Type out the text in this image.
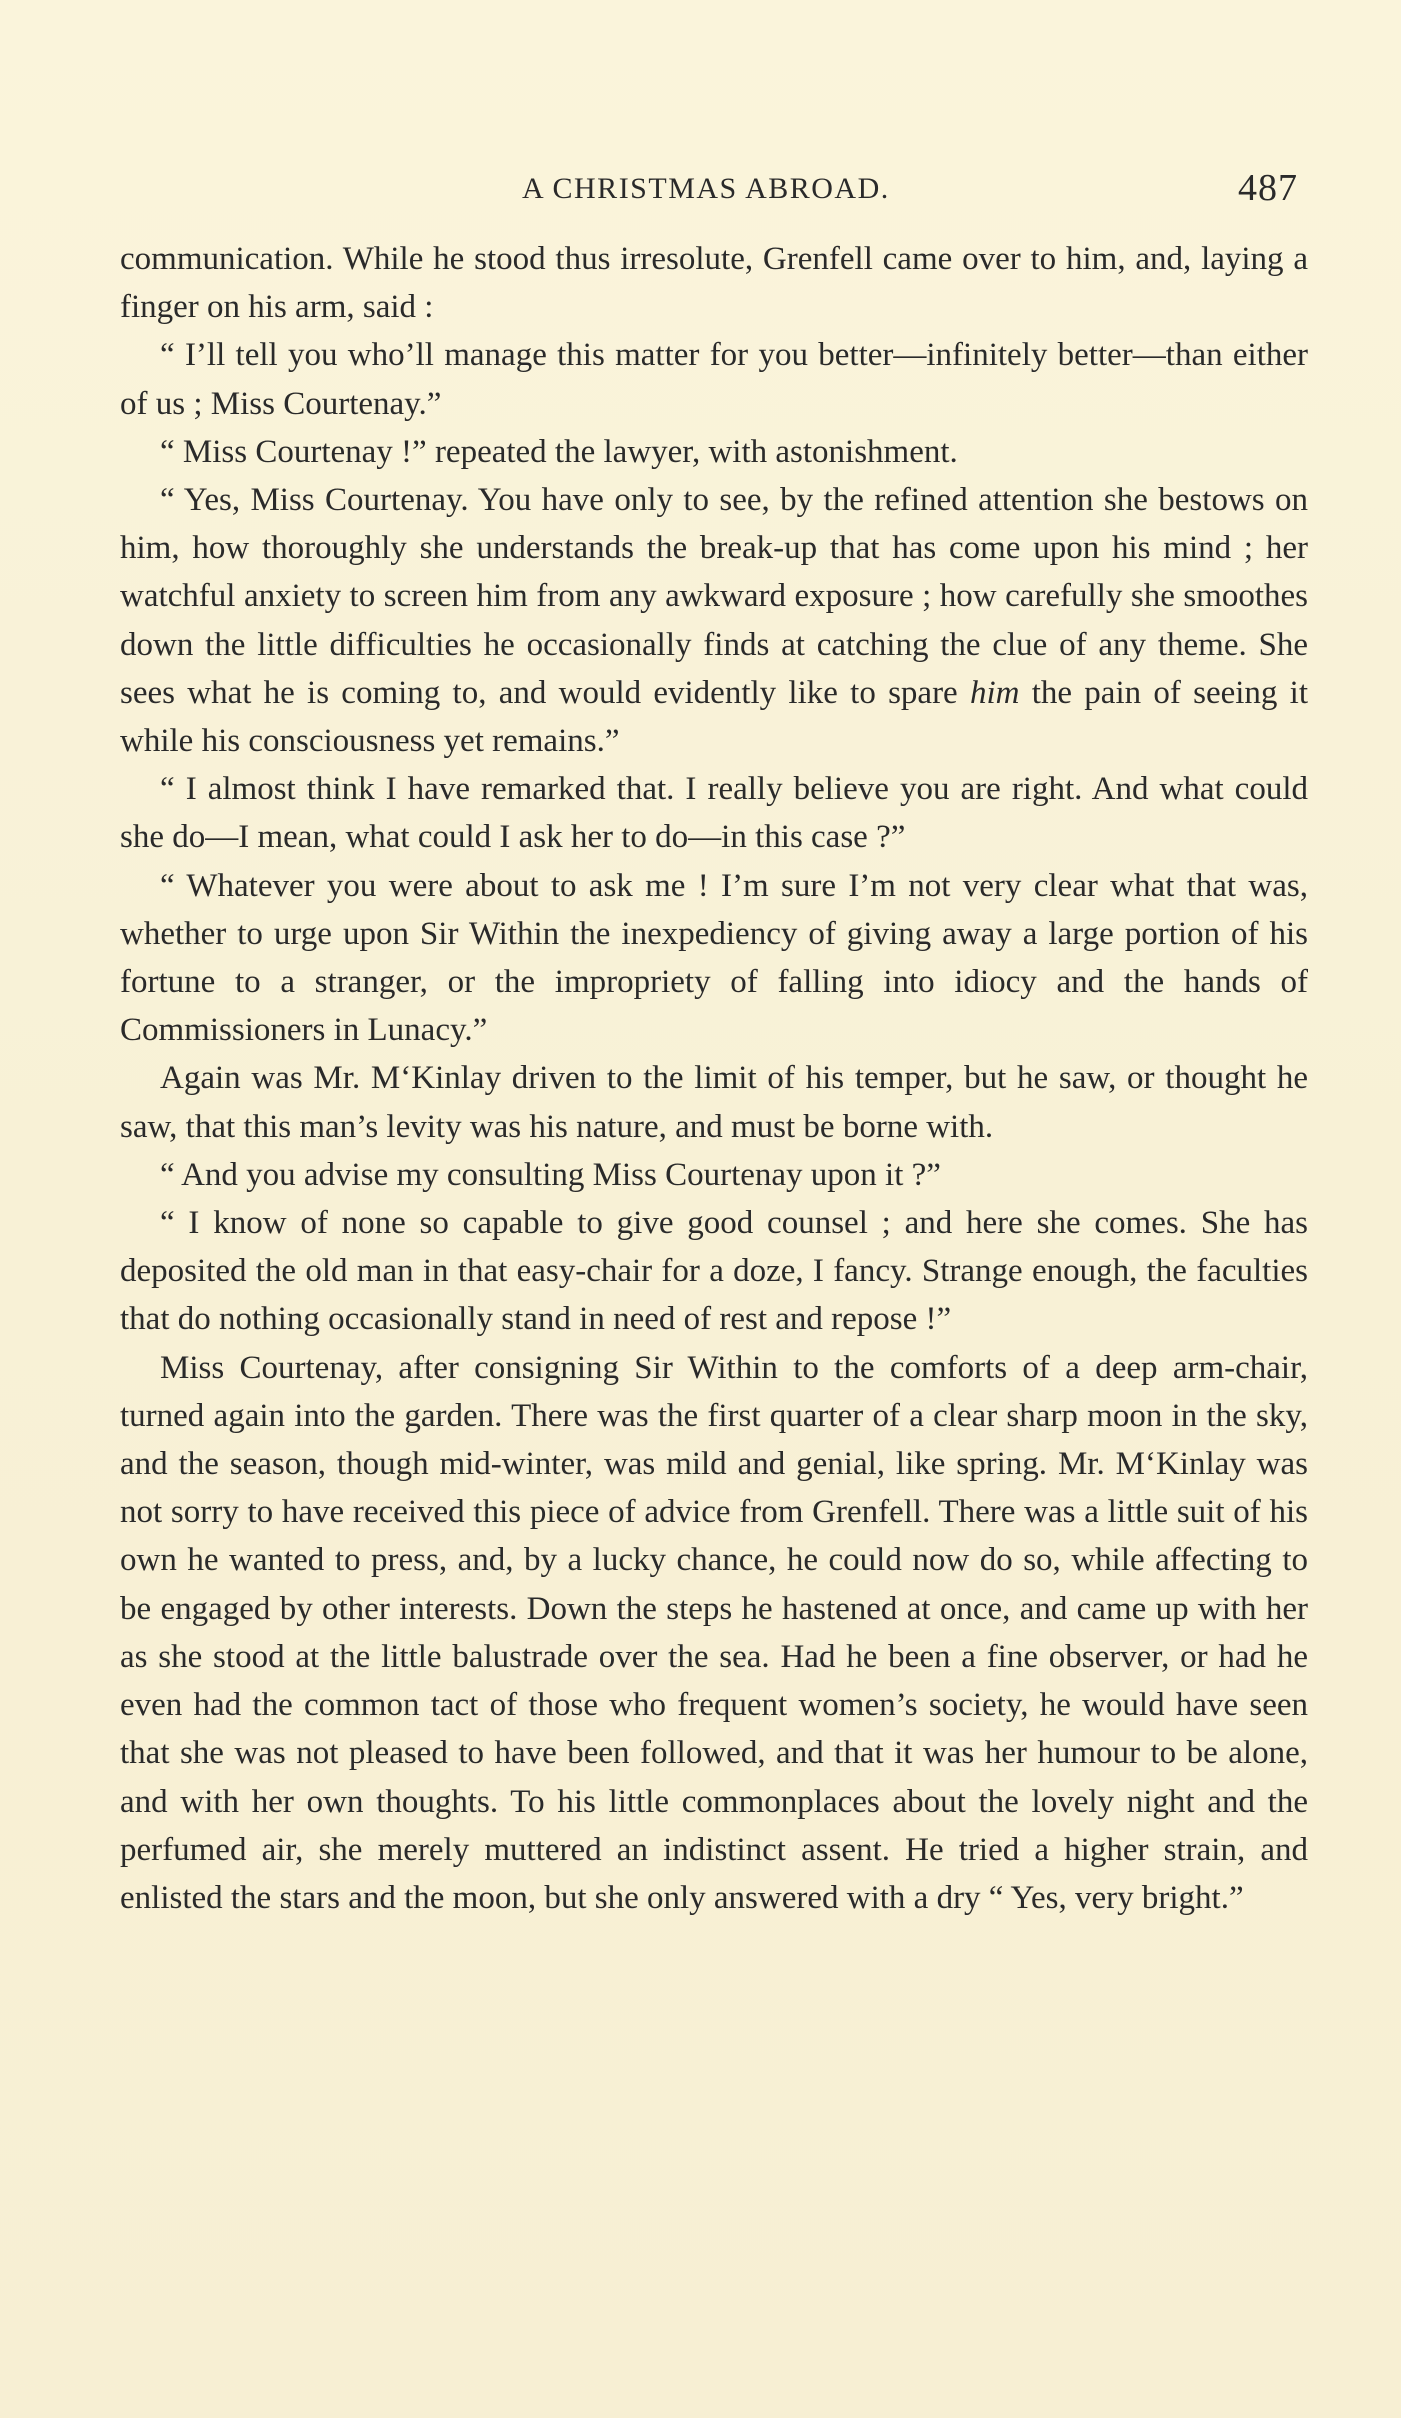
A CHRISTMAS ABROAD.	487

communication. While he stood thus irresolute, Grenfell came over to him, and, laying a finger on his arm, said :

“ I’ll tell you who’ll manage this matter for you better—infinitely better—than either of us ; Miss Courtenay.”

“ Miss Courtenay !” repeated the lawyer, with astonishment.

“ Yes, Miss Courtenay. You have only to see, by the refined attention she bestows on him, how thoroughly she understands the break-up that has come upon his mind ; her watchful anxiety to screen him from any awkward exposure ; how carefully she smoothes down the little difficulties he occasionally finds at catching the clue of any theme. She sees what he is coming to, and would evidently like to spare him the pain of seeing it while his consciousness yet remains.”

“ I almost think I have remarked that. I really believe you are right. And what could she do—I mean, what could I ask her to do—in this case ?”

“ Whatever you were about to ask me ! I’m sure I’m not very clear what that was, whether to urge upon Sir Within the inexpediency of giving away a large portion of his fortune to a stranger, or the impropriety of falling into idiocy and the hands of Commissioners in Lunacy.”

Again was Mr. M‘Kinlay driven to the limit of his temper, but he saw, or thought he saw, that this man’s levity was his nature, and must be borne with.

“ And you advise my consulting Miss Courtenay upon it ?”

“ I know of none so capable to give good counsel ; and here she comes. She has deposited the old man in that easy-chair for a doze, I fancy. Strange enough, the faculties that do nothing occasionally stand in need of rest and repose !”

Miss Courtenay, after consigning Sir Within to the comforts of a deep arm-chair, turned again into the garden. There was the first quarter of a clear sharp moon in the sky, and the season, though mid-winter, was mild and genial, like spring. Mr. M‘Kinlay was not sorry to have received this piece of advice from Grenfell. There was a little suit of his own he wanted to press, and, by a lucky chance, he could now do so, while affecting to be engaged by other interests. Down the steps he hastened at once, and came up with her as she stood at the little balustrade over the sea. Had he been a fine observer, or had he even had the common tact of those who frequent women’s society, he would have seen that she was not pleased to have been followed, and that it was her humour to be alone, and with her own thoughts. To his little commonplaces about the lovely night and the perfumed air, she merely muttered an indistinct assent. He tried a higher strain, and enlisted the stars and the moon, but she only answered with a dry “ Yes, very bright.”
